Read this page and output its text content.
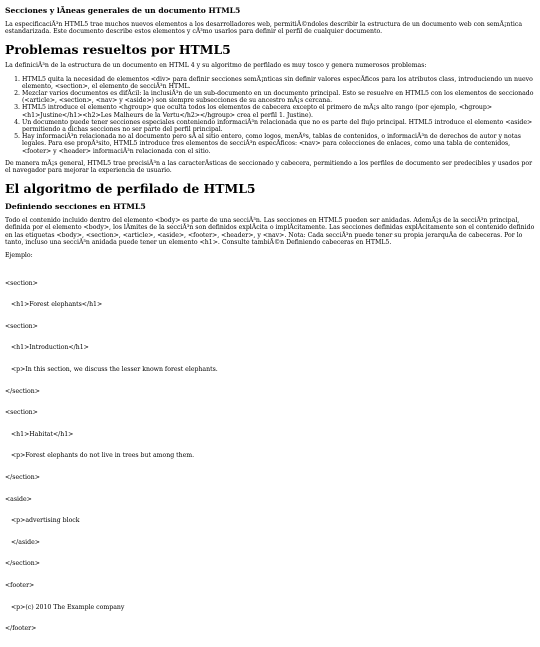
Secciones y lÃneas generales de un documento HTML5

La especificaciÃ³n HTML5 trae muchos nuevos elementos a los desarrolladores web, permitiÃ©ndoles describir la estructura de un documento web con semÃ¡ntica estandarizada. Este documento describe estos elementos y cÃ³mo usarlos para definir el perfil de cualquier documento.

Problemas resueltos por HTML5

La definiciÃ³n de la estructura de un documento en HTML 4 y su algoritmo de perfilado es muy tosco y genera numerosos problemas:

1. HTML5 quita la necesidad de elementos <div> para definir secciones semÃ¡nticas sin definir valores especÃficos para los atributos class, introduciendo un nuevo elemento, <section>, el elemento de secciÃ³n HTML.
2. Mezclar varios documentos es difÃcil: la inclusiÃ³n de un sub-documento en un documento principal. Esto se resuelve en HTML5 con los elementos de seccionado (<article>, <section>, <nav> y <aside>) son siempre subsecciones de su ancestro mÃ¡s cercana.
3. HTML5 introduce el elemento <hgroup> que oculta todos los elementos de cabecera excepto el primero de mÃ¡s alto rango (por ejemplo, <hgroup><h1>Justine</h1><h2>Les Malheurs de la Vertu</h2></hgroup> crea el perfil 1. Justine).
4. Un documento puede tener secciones especiales conteniendo informaciÃ³n relacionada que no es parte del flujo principal. HTML5 introduce el elemento <aside> permitiendo a dichas secciones no ser parte del perfil principal.
5. Hay informaciÃ³n relacionada no al documento pero sÃ al sitio entero, como logos, menÃºs, tablas de contenidos, o informaciÃ³n de derechos de autor y notas legales. Para ese propÃ³sito, HTML5 introduce tres elementos de secciÃ³n especÃficos: <nav> para colecciones de enlaces, como una tabla de contenidos, <footer> y <header> informaciÃ³n relacionada con el sitio.

De manera mÃ¡s general, HTML5 trae precisiÃ³n a las caracterÃsticas de seccionado y cabecera, permitiendo a los perfiles de documento ser predecibles y usados por el navegador para mejorar la experiencia de usuario.

El algoritmo de perfilado de HTML5
Definiendo secciones en HTML5

Todo el contenido incluido dentro del elemento <body> es parte de una secciÃ³n. Las secciones en HTML5 pueden ser anidadas. AdemÃ¡s de la secciÃ³n principal, definida por el elemento <body>, los lÃmites de la secciÃ³n son definidos explÃcita o implÃcitamente. Las secciones definidas explÃcitamente son el contenido definido en las etiquetas <body>, <section>, <article>, <aside>, <footer>, <header>, y <nav>. Nota: Cada secciÃ³n puede tener su propia jerarquÃa de cabeceras. Por lo tanto, incluso una secciÃ³n anidada puede tener un elemento <h1>. Consulte tambiÃ©n Definiendo cabeceras en HTML5.

Ejemplo:

<section>

<h1>Forest elephants</h1>

<section>

<h1>Introduction</h1>

<p>In this section, we discuss the lesser known forest elephants.

</section>

<section>

<h1>Habitat</h1>

<p>Forest elephants do not live in trees but among them.

</section>

<aside>

<p>advertising block

</aside>

</section>

<footer>

<p>(c) 2010 The Example company

</footer>
